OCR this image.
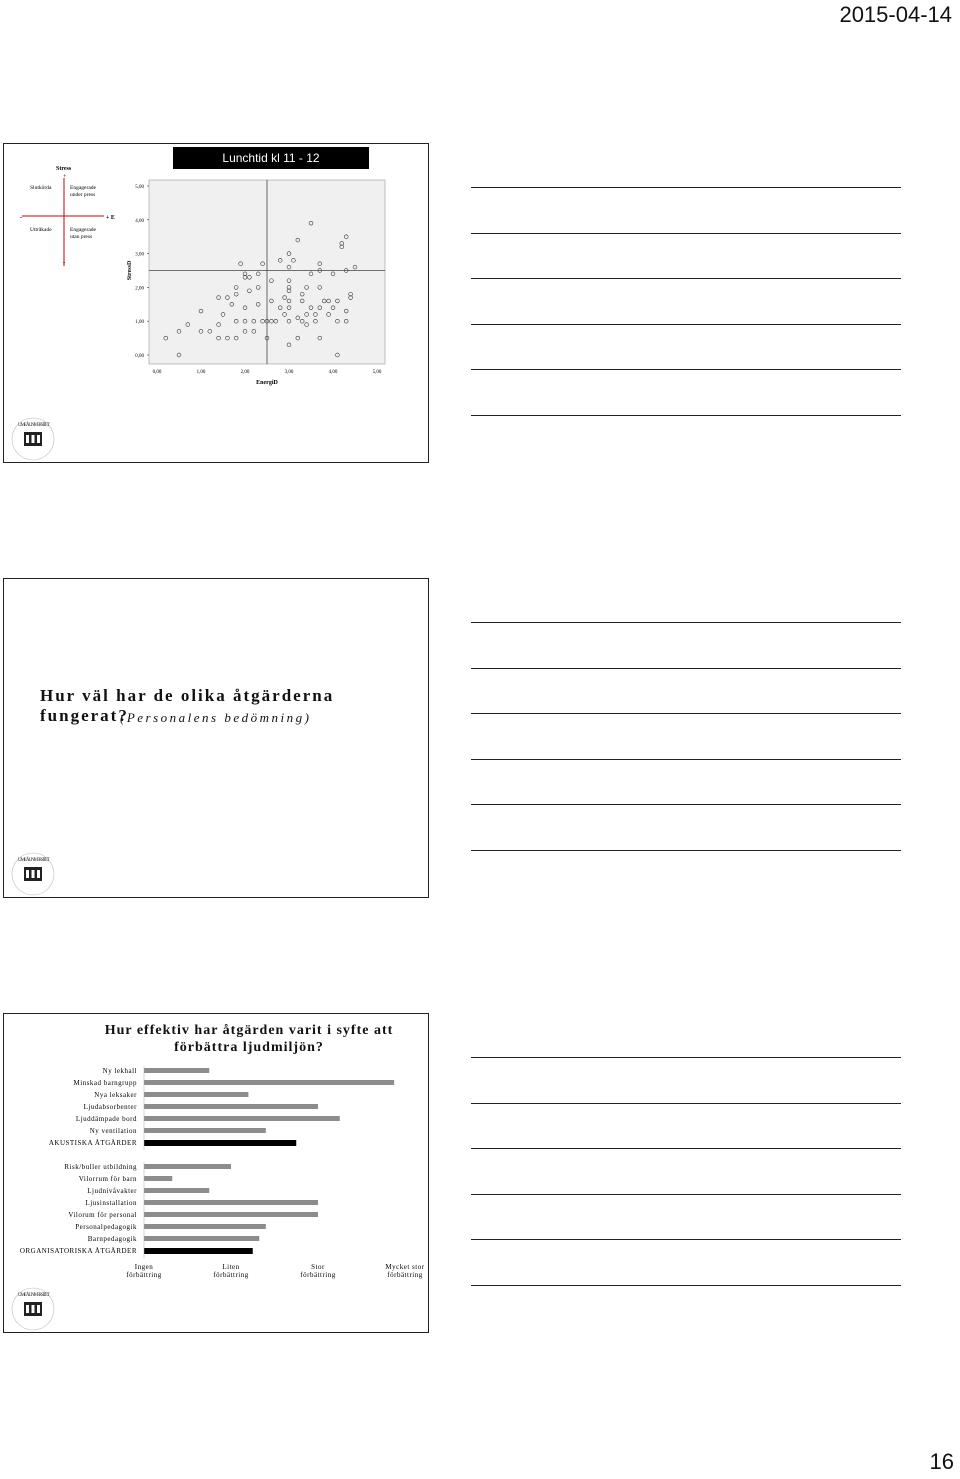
2015-04-14
Lunchtid kl 11 - 12
Stress
+
+ E
-
-
Slutkörda	Engagerade
under press
Uttråkade	Engagerade
utan press
0,00
1,00
2,00
3,00
4,00
5,00
0,00	1,00	2,00	3,00	4,00	5,00
EnergiD
StressD
UMEÅ UNIVERSITET
Hur väl har de olika åtgärderna fungerat?
(Personalens bedömning)
UMEÅ UNIVERSITET
Hur effektiv har åtgärden varit i syfte att
förbättra ljudmiljön?
Ny lekhall
Minskad barngrupp
Nya leksaker
Ljudabsorbenter
Ljuddämpade bord
Ny ventilation
AKUSTISKA ÅTGÄRDER
Risk/buller utbildning
Vilorrum för barn
Ljudnivåvakter
Ljusinstallation
Vilorum för personal
Personalpedagogik
Barnpedagogik
ORGANISATORISKA ÅTGÄRDER
Ingen
förbättring
Liten
förbättring
Stor
förbättring
Mycket stor
förbättring
UMEÅ UNIVERSITET
16
